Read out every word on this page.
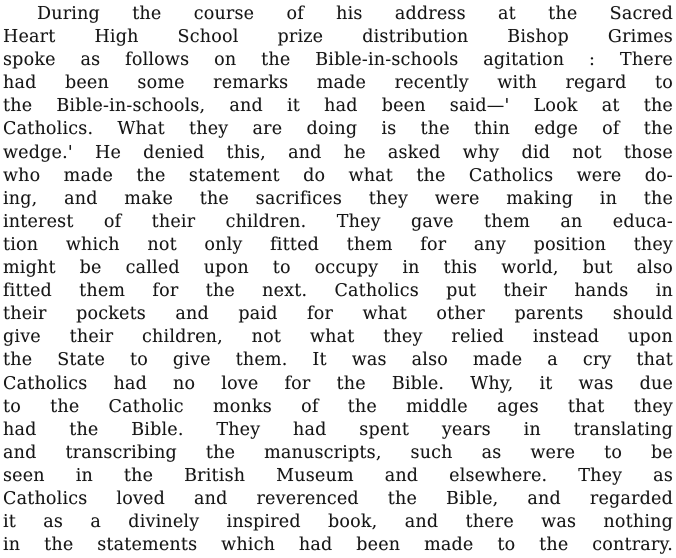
During the course of his address at the Sacred
Heart High School prize distribution Bishop Grimes
spoke as follows on the Bible-in-schools agitation : There
had been some remarks made recently with regard to
the Bible-in-schools, and it had been said—' Look at the
Catholics. What they are doing is the thin edge of the
wedge.' He denied this, and he asked why did not those
who made the statement do what the Catholics were do-
ing, and make the sacrifices they were making in the
interest of their children. They gave them an educa-
tion which not only fitted them for any position they
might be called upon to occupy in this world, but also
fitted them for the next. Catholics put their hands in
their pockets and paid for what other parents should
give their children, not what they relied instead upon
the State to give them. It was also made a cry that
Catholics had no love for the Bible. Why, it was due
to the Catholic monks of the middle ages that they
had the Bible. They had spent years in translating
and transcribing the manuscripts, such as were to be
seen in the British Museum and elsewhere. They as
Catholics loved and reverenced the Bible, and regarded
it as a divinely inspired book, and there was nothing
in the statements which had been made to the contrary.
